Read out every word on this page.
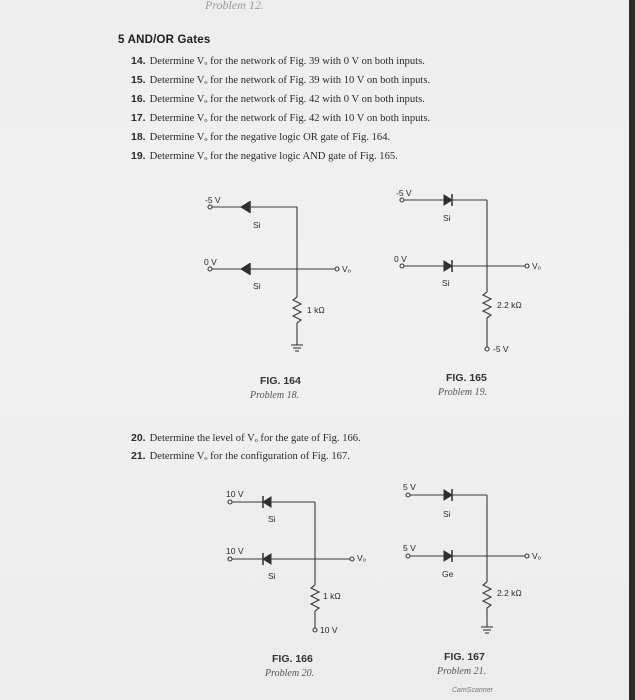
Problem 12.
5 AND/OR Gates
14. Determine Vₒ for the network of Fig. 39 with 0 V on both inputs.
15. Determine Vₒ for the network of Fig. 39 with 10 V on both inputs.
16. Determine Vₒ for the network of Fig. 42 with 0 V on both inputs.
17. Determine Vₒ for the network of Fig. 42 with 10 V on both inputs.
18. Determine Vₒ for the negative logic OR gate of Fig. 164.
19. Determine Vₒ for the negative logic AND gate of Fig. 165.
20. Determine the level of Vₒ for the gate of Fig. 166.
21. Determine Vₒ for the configuration of Fig. 167.
-5 V
Si
0 V
Si
Vₒ
1 kΩ
FIG. 164
Problem 18.
-5 V
Si
0 V
Si
Vₒ
2.2 kΩ
-5 V
FIG. 165
Problem 19.
10 V
Si
10 V
Si
Vₒ
1 kΩ
10 V
FIG. 166
Problem 20.
5 V
Si
5 V
Ge
Vₒ
2.2 kΩ
FIG. 167
Problem 21.
CamScanner
